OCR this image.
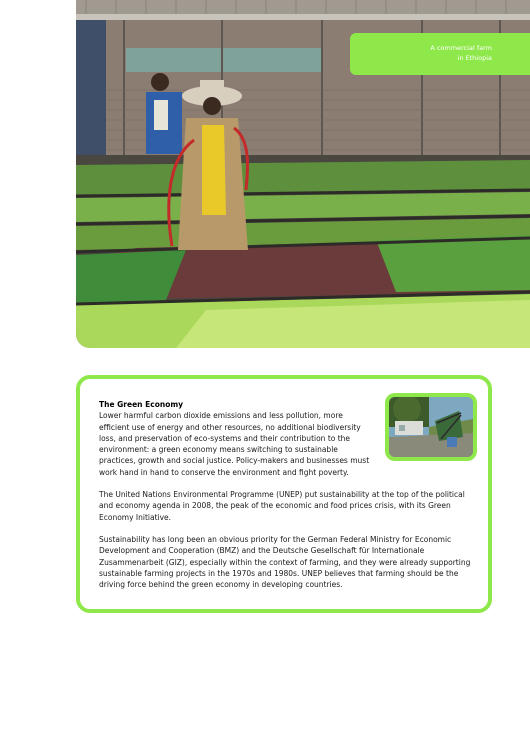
A commercial farm
in Ethiopia

The Green Economy

Lower harmful carbon dioxide emissions and less pollution, more efficient use of energy and other resources, no additional biodiversity loss, and preservation of eco-systems and their contribution to the environment: a green economy means switching to sustainable practices, growth and social justice. Policy-makers and businesses must work hand in hand to conserve the environment and fight poverty.

The United Nations Environmental Programme (UNEP) put sustainability at the top of the political and economy agenda in 2008, the peak of the economic and food prices crisis, with its Green Economy Initiative.

Sustainability has long been an obvious priority for the German Federal Ministry for Economic Development and Cooperation (BMZ) and the Deutsche Gesellschaft für Internationale Zusammenarbeit (GIZ), especially within the context of farming, and they were already supporting sustainable farming projects in the 1970s and 1980s. UNEP believes that farming should be the driving force behind the green economy in developing countries.
